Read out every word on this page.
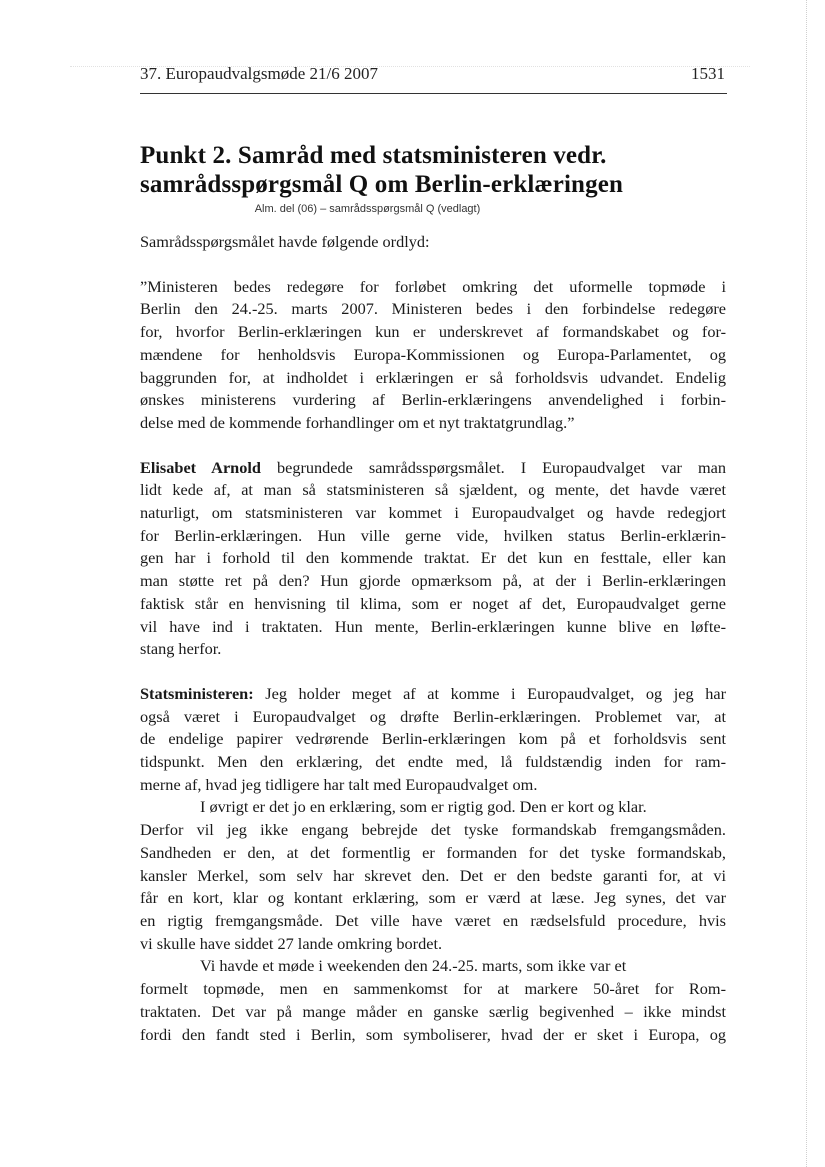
37. Europaudvalgsmøde 21/6 2007	1531
Punkt 2. Samråd med statsministeren vedr.
samrådsspørgsmål Q om Berlin-erklæringen
Alm. del (06) – samrådsspørgsmål Q (vedlagt)

Samrådsspørgsmålet havde følgende ordlyd:

”Ministeren bedes redegøre for forløbet omkring det uformelle topmøde i
Berlin den 24.-25. marts 2007. Ministeren bedes i den forbindelse redegøre
for, hvorfor Berlin-erklæringen kun er underskrevet af formandskabet og for-
mændene for henholdsvis Europa-Kommissionen og Europa-Parlamentet, og
baggrunden for, at indholdet i erklæringen er så forholdsvis udvandet. Endelig
ønskes ministerens vurdering af Berlin-erklæringens anvendelighed i forbin-
delse med de kommende forhandlinger om et nyt traktatgrundlag.”

Elisabet Arnold begrundede samrådsspørgsmålet. I Europaudvalget var man
lidt kede af, at man så statsministeren så sjældent, og mente, det havde været
naturligt, om statsministeren var kommet i Europaudvalget og havde redegjort
for Berlin-erklæringen. Hun ville gerne vide, hvilken status Berlin-erklærin-
gen har i forhold til den kommende traktat. Er det kun en festtale, eller kan
man støtte ret på den? Hun gjorde opmærksom på, at der i Berlin-erklæringen
faktisk står en henvisning til klima, som er noget af det, Europaudvalget gerne
vil have ind i traktaten. Hun mente, Berlin-erklæringen kunne blive en løfte-
stang herfor.

Statsministeren: Jeg holder meget af at komme i Europaudvalget, og jeg har
også været i Europaudvalget og drøfte Berlin-erklæringen. Problemet var, at
de endelige papirer vedrørende Berlin-erklæringen kom på et forholdsvis sent
tidspunkt. Men den erklæring, det endte med, lå fuldstændig inden for ram-
merne af, hvad jeg tidligere har talt med Europaudvalget om.

I øvrigt er det jo en erklæring, som er rigtig god. Den er kort og klar.
Derfor vil jeg ikke engang bebrejde det tyske formandskab fremgangsmåden.
Sandheden er den, at det formentlig er formanden for det tyske formandskab,
kansler Merkel, som selv har skrevet den. Det er den bedste garanti for, at vi
får en kort, klar og kontant erklæring, som er værd at læse. Jeg synes, det var
en rigtig fremgangsmåde. Det ville have været en rædselsfuld procedure, hvis
vi skulle have siddet 27 lande omkring bordet.

Vi havde et møde i weekenden den 24.-25. marts, som ikke var et
formelt topmøde, men en sammenkomst for at markere 50-året for Rom-
traktaten. Det var på mange måder en ganske særlig begivenhed – ikke mindst
fordi den fandt sted i Berlin, som symboliserer, hvad der er sket i Europa, og
